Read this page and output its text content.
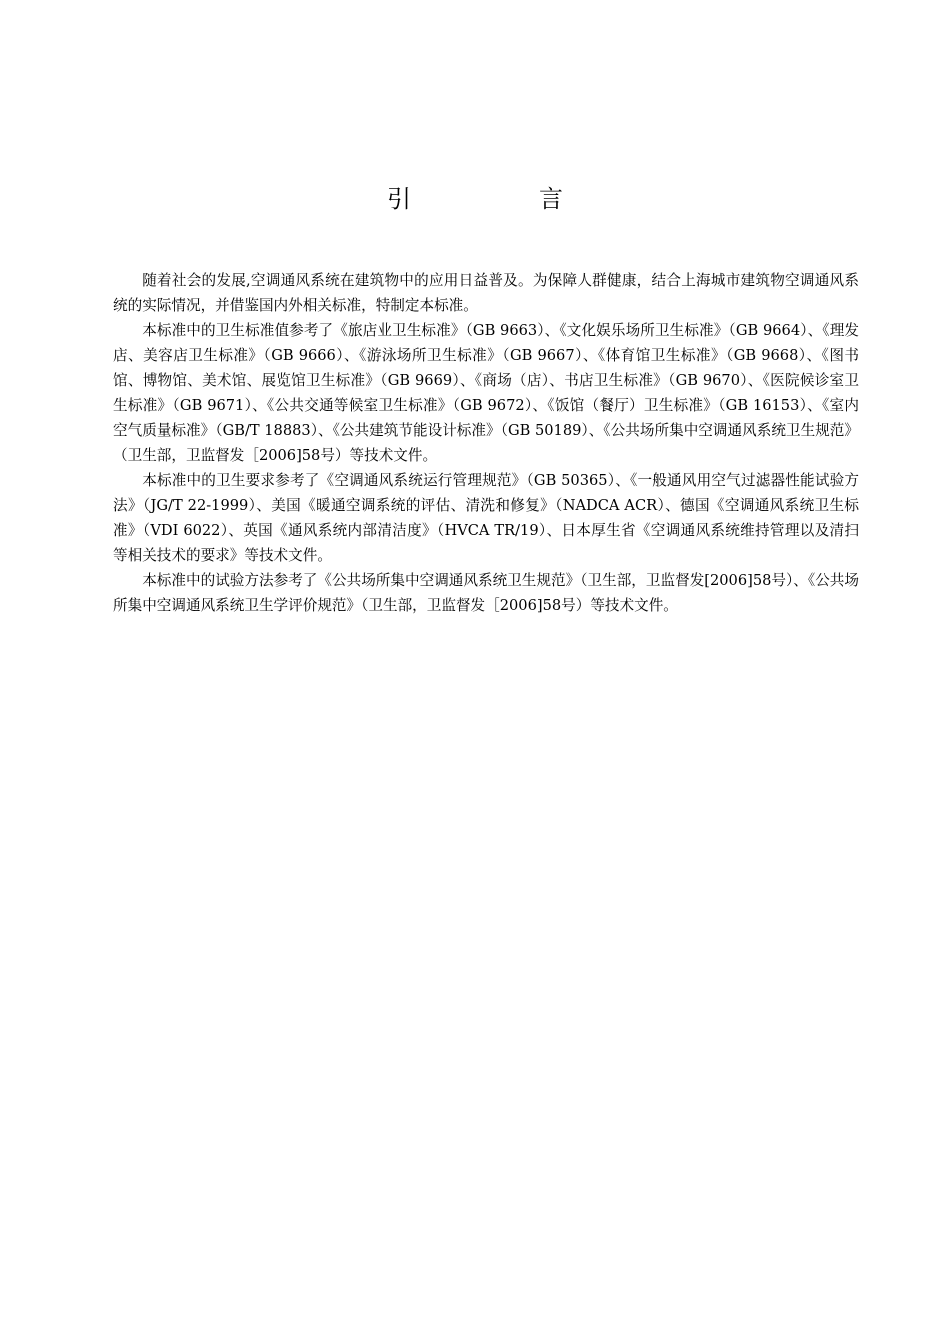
引　言

随着社会的发展,空调通风系统在建筑物中的应用日益普及。为保障人群健康，结合上海城市建筑物空调通风系统的实际情况，并借鉴国内外相关标准，特制定本标准。

本标准中的卫生标准值参考了《旅店业卫生标准》（GB 9663）、《文化娱乐场所卫生标准》（GB 9664）、《理发店、美容店卫生标准》（GB 9666）、《游泳场所卫生标准》（GB 9667）、《体育馆卫生标准》（GB 9668）、《图书馆、博物馆、美术馆、展览馆卫生标准》（GB 9669）、《商场（店）、书店卫生标准》（GB 9670）、《医院候诊室卫生标准》（GB 9671）、《公共交通等候室卫生标准》（GB 9672）、《饭馆（餐厅）卫生标准》（GB 16153）、《室内空气质量标准》（GB/T 18883）、《公共建筑节能设计标准》（GB 50189）、《公共场所集中空调通风系统卫生规范》（卫生部，卫监督发［2006]58号）等技术文件。

本标准中的卫生要求参考了《空调通风系统运行管理规范》（GB 50365）、《一般通风用空气过滤器性能试验方法》（JG/T 22-1999）、美国《暖通空调系统的评估、清洗和修复》（NADCA ACR）、德国《空调通风系统卫生标准》（VDI 6022）、英国《通风系统内部清洁度》（HVCA TR/19）、日本厚生省《空调通风系统维持管理以及清扫等相关技术的要求》等技术文件。

本标准中的试验方法参考了《公共场所集中空调通风系统卫生规范》（卫生部，卫监督发[2006]58号）、《公共场所集中空调通风系统卫生学评价规范》（卫生部，卫监督发［2006]58号）等技术文件。
